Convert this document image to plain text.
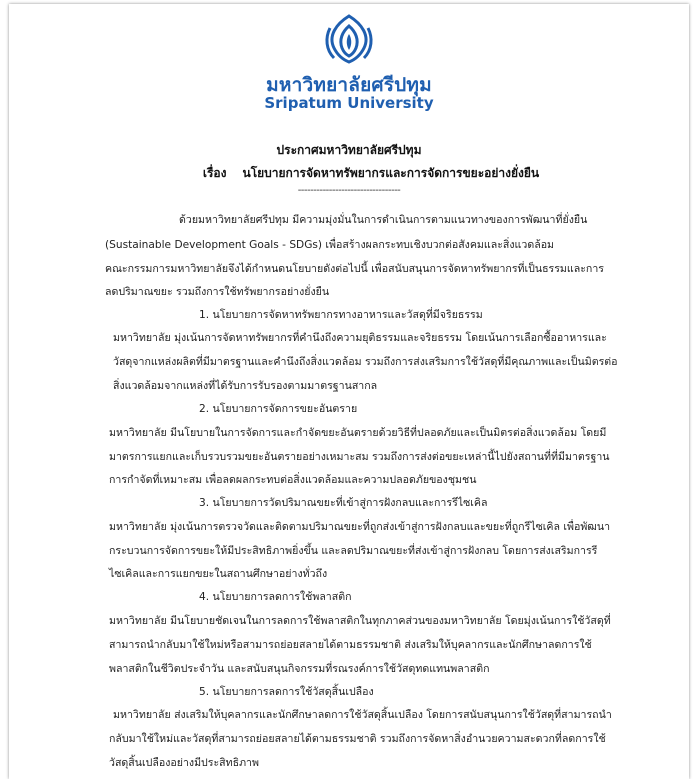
มหาวิทยาลัยศรีปทุม
Sripatum University
ประกาศมหาวิทยาลัยศรีปทุม
เรื่อง นโยบายการจัดหาทรัพยากรและการจัดการขยะอย่างยั่งยืน
---------------------------------
ด้วยมหาวิทยาลัยศรีปทุม มีความมุ่งมั่นในการดำเนินการตามแนวทางของการพัฒนาที่ยั่งยืน
(Sustainable Development Goals - SDGs) เพื่อสร้างผลกระทบเชิงบวกต่อสังคมและสิ่งแวดล้อม
คณะกรรมการมหาวิทยาลัยจึงได้กำหนดนโยบายดังต่อไปนี้ เพื่อสนับสนุนการจัดหาทรัพยากรที่เป็นธรรมและการ
ลดปริมาณขยะ รวมถึงการใช้ทรัพยากรอย่างยั่งยืน
1. นโยบายการจัดหาทรัพยากรทางอาหารและวัสดุที่มีจริยธรรม
มหาวิทยาลัย มุ่งเน้นการจัดหาทรัพยากรที่คำนึงถึงความยุติธรรมและจริยธรรม โดยเน้นการเลือกซื้ออาหารและ
วัสดุจากแหล่งผลิตที่มีมาตรฐานและคำนึงถึงสิ่งแวดล้อม รวมถึงการส่งเสริมการใช้วัสดุที่มีคุณภาพและเป็นมิตรต่อ
สิ่งแวดล้อมจากแหล่งที่ได้รับการรับรองตามมาตรฐานสากล
2. นโยบายการจัดการขยะอันตราย
มหาวิทยาลัย มีนโยบายในการจัดการและกำจัดขยะอันตรายด้วยวิธีที่ปลอดภัยและเป็นมิตรต่อสิ่งแวดล้อม โดยมี
มาตรการแยกและเก็บรวบรวมขยะอันตรายอย่างเหมาะสม รวมถึงการส่งต่อขยะเหล่านี้ไปยังสถานที่ที่มีมาตรฐาน
การกำจัดที่เหมาะสม เพื่อลดผลกระทบต่อสิ่งแวดล้อมและความปลอดภัยของชุมชน
3. นโยบายการวัดปริมาณขยะที่เข้าสู่การฝังกลบและการรีไซเคิล
มหาวิทยาลัย มุ่งเน้นการตรวจวัดและติดตามปริมาณขยะที่ถูกส่งเข้าสู่การฝังกลบและขยะที่ถูกรีไซเคิล เพื่อพัฒนา
กระบวนการจัดการขยะให้มีประสิทธิภาพยิ่งขึ้น และลดปริมาณขยะที่ส่งเข้าสู่การฝังกลบ โดยการส่งเสริมการรี
ไซเคิลและการแยกขยะในสถานศึกษาอย่างทั่วถึง
4. นโยบายการลดการใช้พลาสติก
มหาวิทยาลัย มีนโยบายชัดเจนในการลดการใช้พลาสติกในทุกภาคส่วนของมหาวิทยาลัย โดยมุ่งเน้นการใช้วัสดุที่
สามารถนำกลับมาใช้ใหม่หรือสามารถย่อยสลายได้ตามธรรมชาติ ส่งเสริมให้บุคลากรและนักศึกษาลดการใช้
พลาสติกในชีวิตประจำวัน และสนับสนุนกิจกรรมที่รณรงค์การใช้วัสดุทดแทนพลาสติก
5. นโยบายการลดการใช้วัสดุสิ้นเปลือง
มหาวิทยาลัย ส่งเสริมให้บุคลากรและนักศึกษาลดการใช้วัสดุสิ้นเปลือง โดยการสนับสนุนการใช้วัสดุที่สามารถนำ
กลับมาใช้ใหม่และวัสดุที่สามารถย่อยสลายได้ตามธรรมชาติ รวมถึงการจัดหาสิ่งอำนวยความสะดวกที่ลดการใช้
วัสดุสิ้นเปลืองอย่างมีประสิทธิภาพ
